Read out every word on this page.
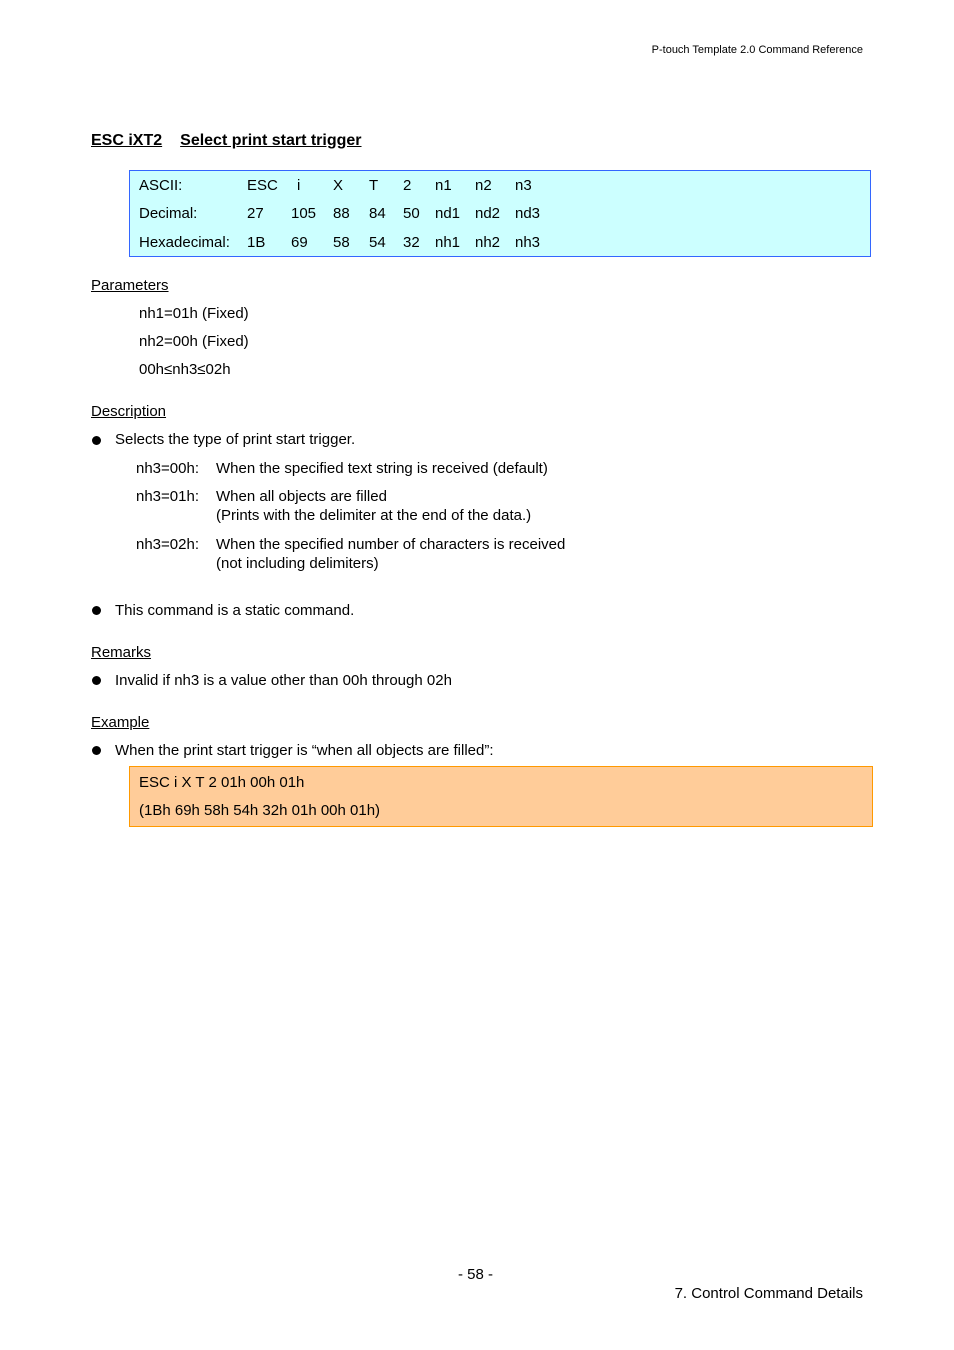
P-touch Template 2.0 Command Reference
ESC iXT2 Select print start trigger
ASCII:	ESC i X T 2 n1 n2 n3
Decimal:	27 105 88 84 50 nd1 nd2 nd3
Hexadecimal: 1B 69 58 54 32 nh1 nh2 nh3
Parameters
nh1=01h (Fixed)
nh2=00h (Fixed)
00h≤nh3≤02h
Description
Selects the type of print start trigger.
nh3=00h: When the specified text string is received (default)
nh3=01h: When all objects are filled
(Prints with the delimiter at the end of the data.)
nh3=02h: When the specified number of characters is received
(not including delimiters)
This command is a static command.
Remarks
Invalid if nh3 is a value other than 00h through 02h
Example
When the print start trigger is “when all objects are filled”:
ESC i X T 2 01h 00h 01h
(1Bh 69h 58h 54h 32h 01h 00h 01h)
- 58 -
7. Control Command Details
